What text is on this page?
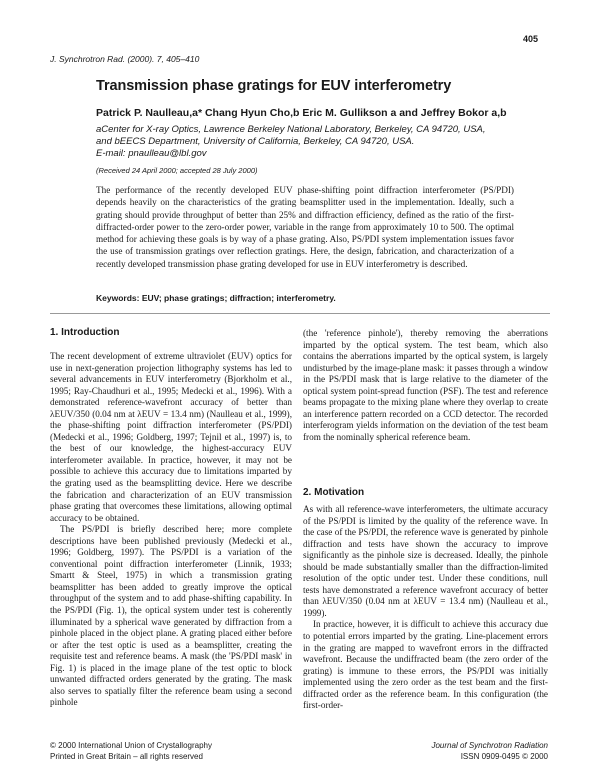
405
J. Synchrotron Rad. (2000). 7, 405–410
Transmission phase gratings for EUV interferometry
Patrick P. Naulleau,a* Chang Hyun Cho,b Eric M. Gullikson a and Jeffrey Bokor a,b
aCenter for X-ray Optics, Lawrence Berkeley National Laboratory, Berkeley, CA 94720, USA,
and bEECS Department, University of California, Berkeley, CA 94720, USA.
E-mail: pnaulleau@lbl.gov
(Received 24 April 2000; accepted 28 July 2000)
The performance of the recently developed EUV phase-shifting point diffraction interferometer (PS/PDI) depends heavily on the characteristics of the grating beamsplitter used in the implementation. Ideally, such a grating should provide throughput of better than 25% and diffraction efficiency, defined as the ratio of the first-diffracted-order power to the zero-order power, variable in the range from approximately 10 to 500. The optimal method for achieving these goals is by way of a phase grating. Also, PS/PDI system implementation issues favor the use of transmission gratings over reflection gratings. Here, the design, fabrication, and characterization of a recently developed transmission phase grating developed for use in EUV interferometry is described.
Keywords: EUV; phase gratings; diffraction; interferometry.
1. Introduction

The recent development of extreme ultraviolet (EUV) optics for use in next-generation projection lithography systems has led to several advancements in EUV interferometry (Bjorkholm et al., 1995; Ray-Chaudhuri et al., 1995; Medecki et al., 1996). With a demonstrated reference-wavefront accuracy of better than λEUV/350 (0.04 nm at λEUV = 13.4 nm) (Naulleau et al., 1999), the phase-shifting point diffraction interferometer (PS/PDI) (Medecki et al., 1996; Goldberg, 1997; Tejnil et al., 1997) is, to the best of our knowledge, the highest-accuracy EUV interferometer available. In practice, however, it may not be possible to achieve this accuracy due to limitations imparted by the grating used as the beamsplitting device. Here we describe the fabrication and characterization of an EUV transmission phase grating that overcomes these limitations, allowing optimal accuracy to be obtained.

The PS/PDI is briefly described here; more complete descriptions have been published previously (Medecki et al., 1996; Goldberg, 1997). The PS/PDI is a variation of the conventional point diffraction interferometer (Linnik, 1933; Smartt & Steel, 1975) in which a transmission grating beamsplitter has been added to greatly improve the optical throughput of the system and to add phase-shifting capability. In the PS/PDI (Fig. 1), the optical system under test is coherently illuminated by a spherical wave generated by diffraction from a pinhole placed in the object plane. A grating placed either before or after the test optic is used as a beamsplitter, creating the requisite test and reference beams. A mask (the 'PS/PDI mask' in Fig. 1) is placed in the image plane of the test optic to block unwanted diffracted orders generated by the grating. The mask also serves to spatially filter the reference beam using a second pinhole

(the 'reference pinhole'), thereby removing the aberrations imparted by the optical system. The test beam, which also contains the aberrations imparted by the optical system, is largely undisturbed by the image-plane mask: it passes through a window in the PS/PDI mask that is large relative to the diameter of the optical system point-spread function (PSF). The test and reference beams propagate to the mixing plane where they overlap to create an interference pattern recorded on a CCD detector. The recorded interferogram yields information on the deviation of the test beam from the nominally spherical reference beam.

2. Motivation

As with all reference-wave interferometers, the ultimate accuracy of the PS/PDI is limited by the quality of the reference wave. In the case of the PS/PDI, the reference wave is generated by pinhole diffraction and tests have shown the accuracy to improve significantly as the pinhole size is decreased. Ideally, the pinhole should be made substantially smaller than the diffraction-limited resolution of the optic under test. Under these conditions, null tests have demonstrated a reference wavefront accuracy of better than λEUV/350 (0.04 nm at λEUV = 13.4 nm) (Naulleau et al., 1999).

In practice, however, it is difficult to achieve this accuracy due to potential errors imparted by the grating. Line-placement errors in the grating are mapped to wavefront errors in the diffracted wavefront. Because the undiffracted beam (the zero order of the grating) is immune to these errors, the PS/PDI was initially implemented using the zero order as the test beam and the first-diffracted order as the reference beam. In this configuration (the first-order-

© 2000 International Union of Crystallography
Printed in Great Britain – all rights reserved
Journal of Synchrotron Radiation
ISSN 0909-0495 © 2000
